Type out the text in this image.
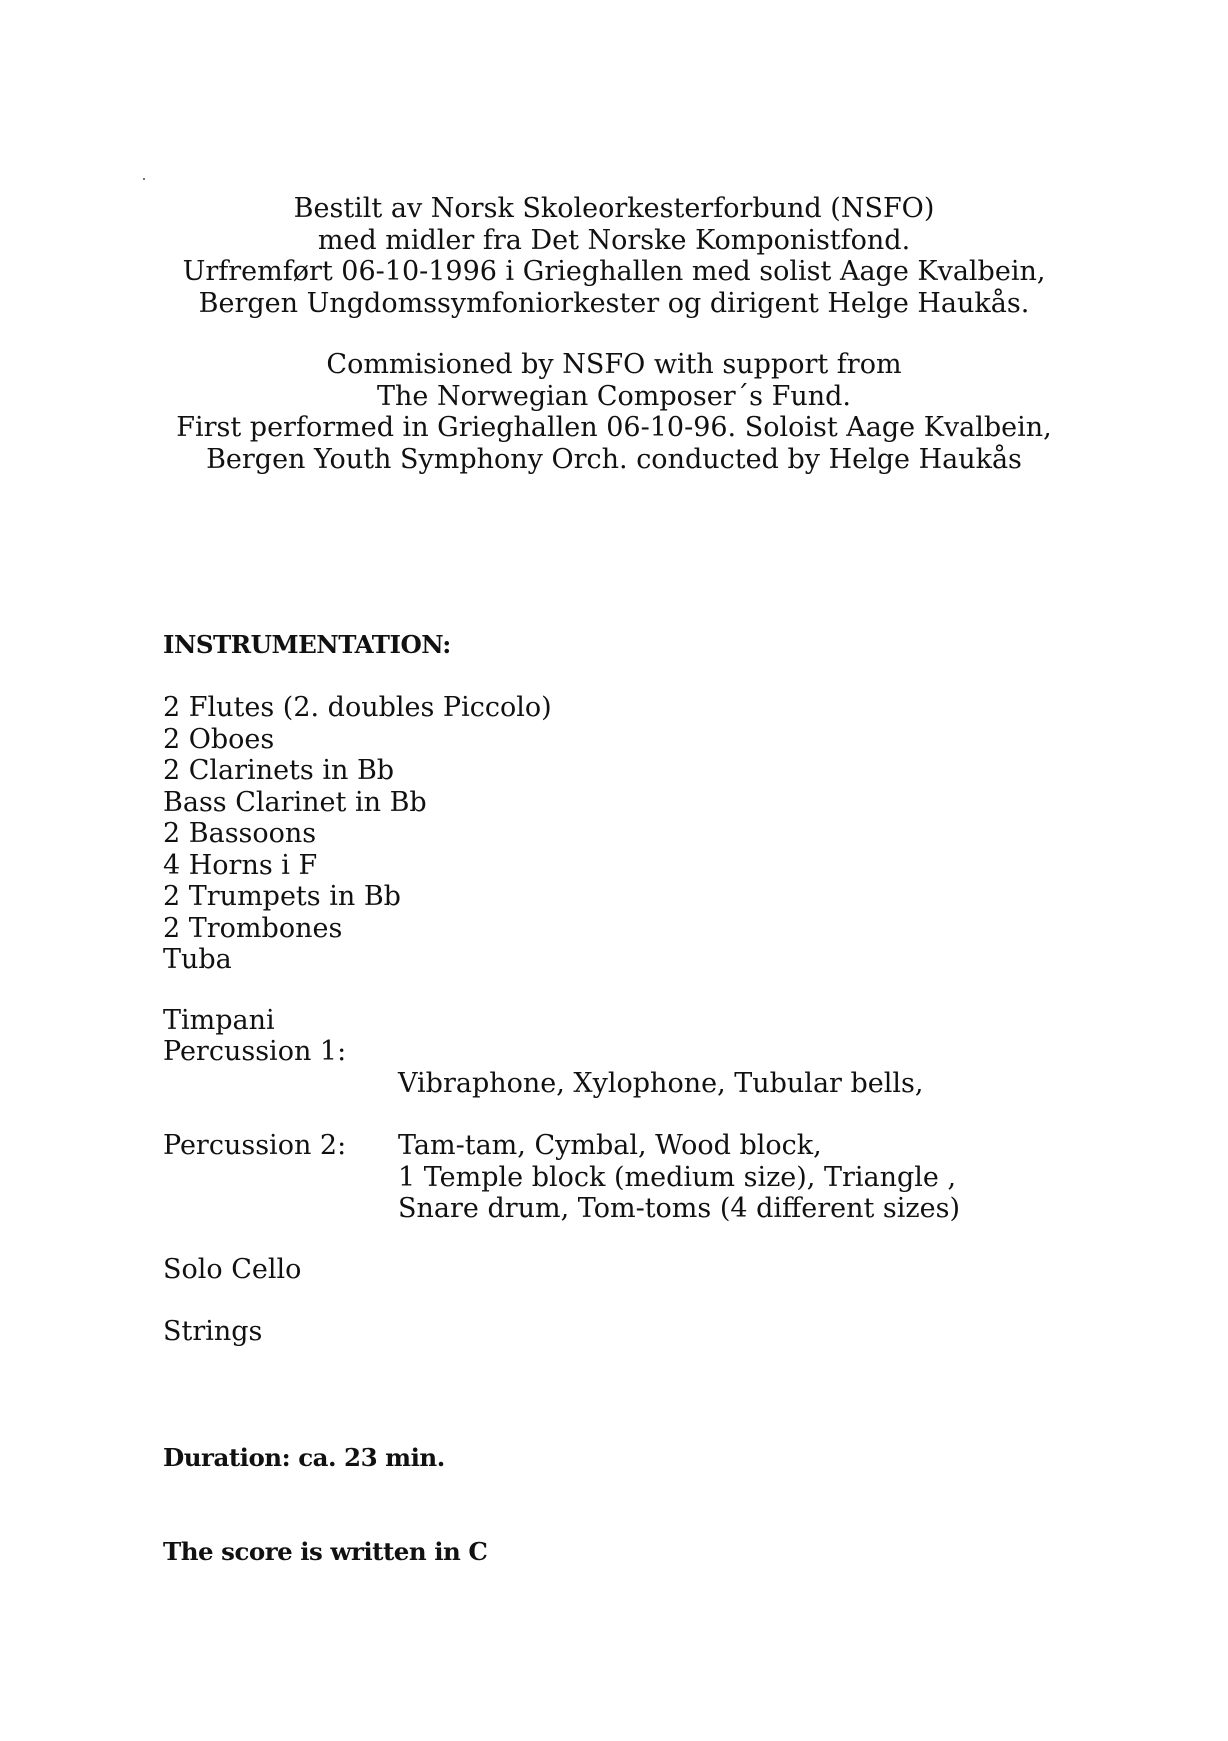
Bestilt av Norsk Skoleorkesterforbund (NSFO)
med midler fra Det Norske Komponistfond.
Urfremført 06-10-1996 i Grieghallen med solist Aage Kvalbein,
Bergen Ungdomssymfoniorkester og dirigent Helge Haukås.
Commisioned by NSFO with support from
The Norwegian Composer´s Fund.
First performed in Grieghallen 06-10-96. Soloist Aage Kvalbein,
Bergen Youth Symphony Orch. conducted by Helge Haukås
INSTRUMENTATION:
2 Flutes (2. doubles Piccolo)
2 Oboes
2 Clarinets in Bb
Bass Clarinet in Bb
2 Bassoons
4 Horns i F
2 Trumpets in Bb
2 Trombones
Tuba
Timpani
Percussion 1:
Vibraphone, Xylophone, Tubular bells,
Percussion 2: Tam-tam, Cymbal, Wood block,
1 Temple block (medium size), Triangle ,
Snare drum, Tom-toms (4 different sizes)
Solo Cello
Strings
Duration: ca. 23 min.
The score is written in C
